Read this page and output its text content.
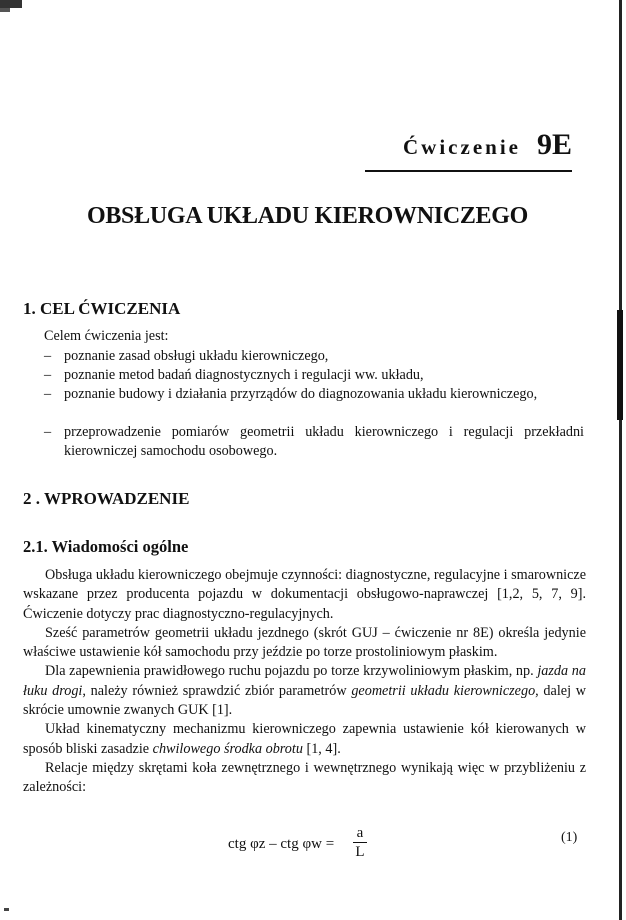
Ćwiczenie 9E
OBSŁUGA UKŁADU KIEROWNICZEGO
1. CEL ĆWICZENIA
Celem ćwiczenia jest:
– poznanie zasad obsługi układu kierowniczego,
– poznanie metod badań diagnostycznych i regulacji ww. układu,
– poznanie budowy i działania przyrządów do diagnozowania układu kierowniczego,
– przeprowadzenie pomiarów geometrii układu kierowniczego i regulacji przekładni kierowniczej samochodu osobowego.
2 . WPROWADZENIE
2.1. Wiadomości ogólne

Obsługa układu kierowniczego obejmuje czynności: diagnostyczne, regulacyjne i smarownicze wskazane przez producenta pojazdu w dokumentacji obsługowo-naprawczej [1,2, 5, 7, 9]. Ćwiczenie dotyczy prac diagnostyczno-regulacyjnych.

Sześć parametrów geometrii układu jezdnego (skrót GUJ – ćwiczenie nr 8E) określa jedynie właściwe ustawienie kół samochodu przy jeździe po torze prostoliniowym płaskim.

Dla zapewnienia prawidłowego ruchu pojazdu po torze krzywoliniowym płaskim, np. jazda na łuku drogi, należy również sprawdzić zbiór parametrów geometrii układu kierowniczego, dalej w skrócie umownie zwanych GUK [1].

Układ kinematyczny mechanizmu kierowniczego zapewnia ustawienie kół kierowanych w sposób bliski zasadzie chwilowego środka obrotu [1, 4].

Relacje między skrętami koła zewnętrznego i wewnętrznego wynikają więc w przybliżeniu z zależności:

ctg φz – ctg φw =
a
L
(1)
